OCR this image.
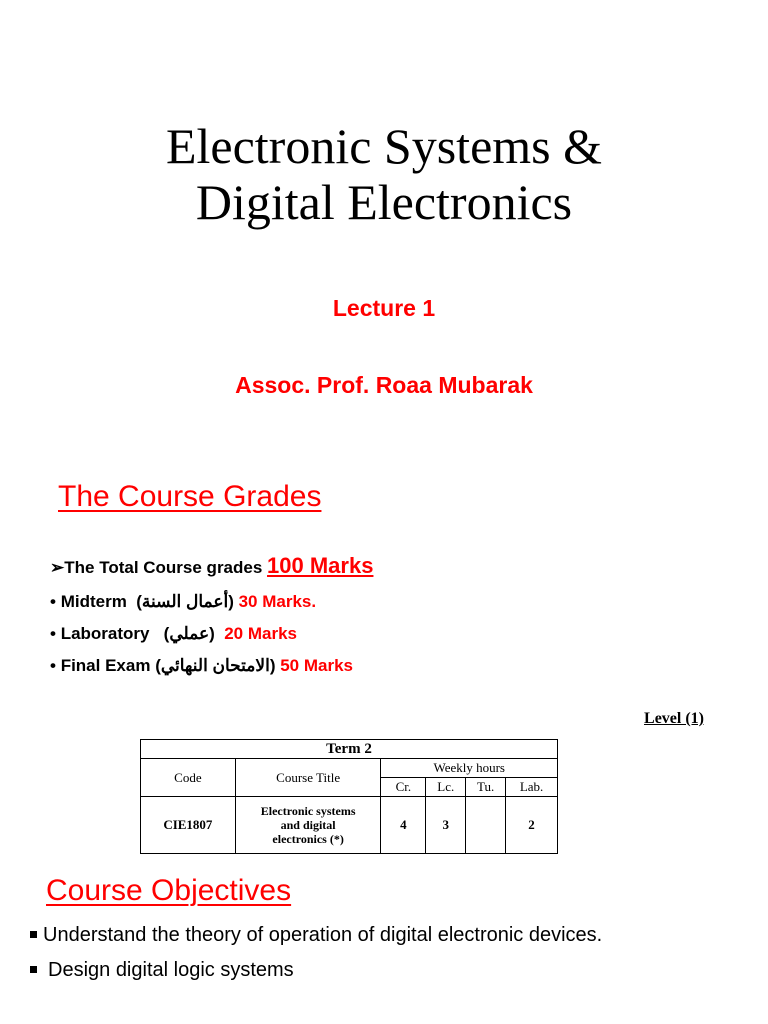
Electronic Systems &
Digital Electronics
Lecture 1
Assoc. Prof. Roaa Mubarak
The Course Grades
➢The Total Course grades 100 Marks
• Midterm (أعمال السنة) 30 Marks.
• Laboratory (عملي) 20 Marks
• Final Exam (الامتحان النهائي) 50 Marks
Level (1)
Term 2					
Code	Course Title	Weekly hours			
		Cr.	Lc.	Tu.	Lab.
CIE1807	Electronic systems and digital electronics (*)	4	3		2
Course Objectives
Understand the theory of operation of digital electronic devices.
Design digital logic systems
